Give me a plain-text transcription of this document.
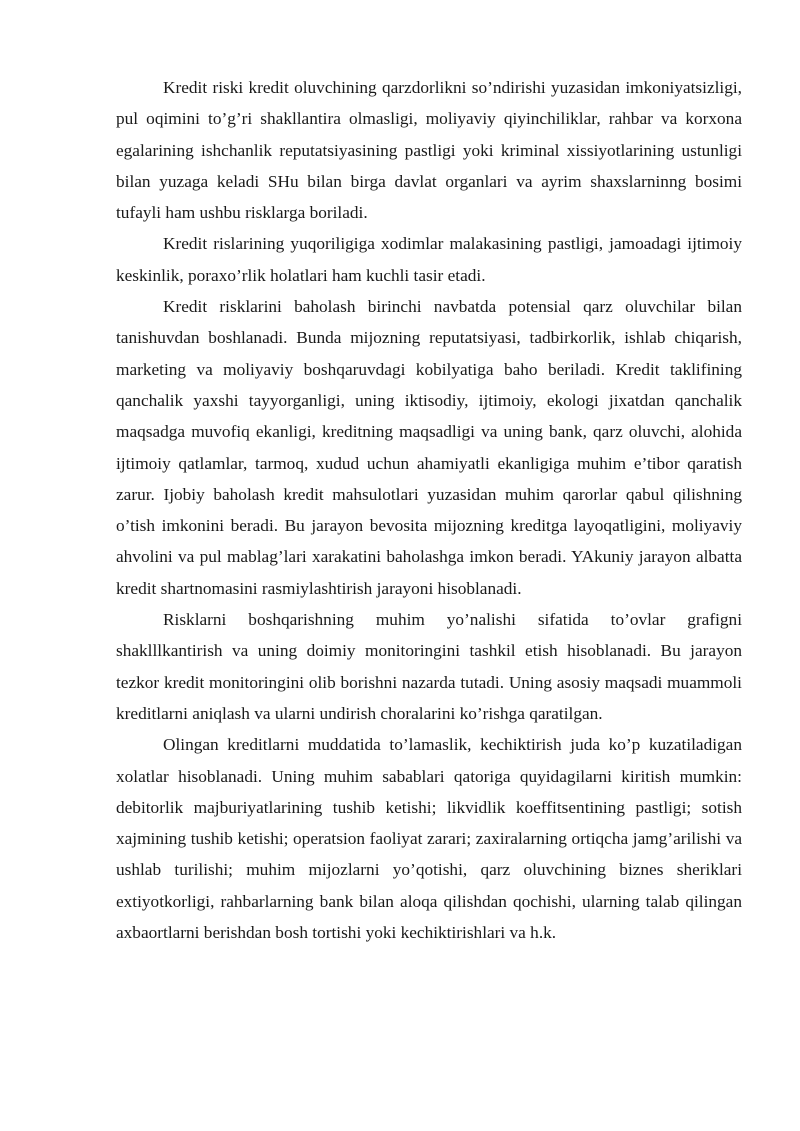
Kredit riski kredit oluvchining qarzdorlikni so’ndirishi yuzasidan imkoniyatsizligi, pul oqimini to’g’ri shakllantira olmasligi, moliyaviy qiyinchiliklar, rahbar va korxona egalarining ishchanlik reputatsiyasining pastligi yoki kriminal xissiyotlarining ustunligi bilan yuzaga keladi SHu bilan birga davlat organlari va ayrim shaxslarninng bosimi tufayli ham ushbu risklarga boriladi.

Kredit rislarining yuqoriligiga xodimlar malakasining pastligi, jamoadagi ijtimoiy keskinlik, poraxo’rlik holatlari ham kuchli tasir etadi.

Kredit risklarini baholash birinchi navbatda potensial qarz oluvchilar bilan tanishuvdan boshlanadi. Bunda mijozning reputatsiyasi, tadbirkorlik, ishlab chiqarish, marketing va moliyaviy boshqaruvdagi kobilyatiga baho beriladi. Kredit taklifining qanchalik yaxshi tayyorganligi, uning iktisodiy, ijtimoiy, ekologi jixatdan qanchalik maqsadga muvofiq ekanligi, kreditning maqsadligi va uning bank, qarz oluvchi, alohida ijtimoiy qatlamlar, tarmoq, xudud uchun ahamiyatli ekanligiga muhim e’tibor qaratish zarur. Ijobiy baholash kredit mahsulotlari yuzasidan muhim qarorlar qabul qilishning o’tish imkonini beradi. Bu jarayon bevosita mijozning kreditga layoqatligini, moliyaviy ahvolini va pul mablag’lari xarakatini baholashga imkon beradi. YAkuniy jarayon albatta kredit shartnomasini rasmiylashtirish jarayoni hisoblanadi.

Risklarni boshqarishning muhim yo’nalishi sifatida to’ovlar grafigni shaklllkantirish va uning doimiy monitoringini tashkil etish hisoblanadi. Bu jarayon tezkor kredit monitoringini olib borishni nazarda tutadi. Uning asosiy maqsadi muammoli kreditlarni aniqlash va ularni undirish choralarini ko’rishga qaratilgan.

Olingan kreditlarni muddatida to’lamaslik, kechiktirish juda ko’p kuzatiladigan xolatlar hisoblanadi. Uning muhim sabablari qatoriga quyidagilarni kiritish mumkin: debitorlik majburiyatlarining tushib ketishi; likvidlik koeffitsentining pastligi; sotish xajmining tushib ketishi; operatsion faoliyat zarari; zaxiralarning ortiqcha jamg’arilishi va ushlab turilishi; muhim mijozlarni yo’qotishi, qarz oluvchining biznes sheriklari extiyotkorligi, rahbarlarning bank bilan aloqa qilishdan qochishi, ularning talab qilingan axbaortlarni berishdan bosh tortishi yoki kechiktirishlari va h.k.
